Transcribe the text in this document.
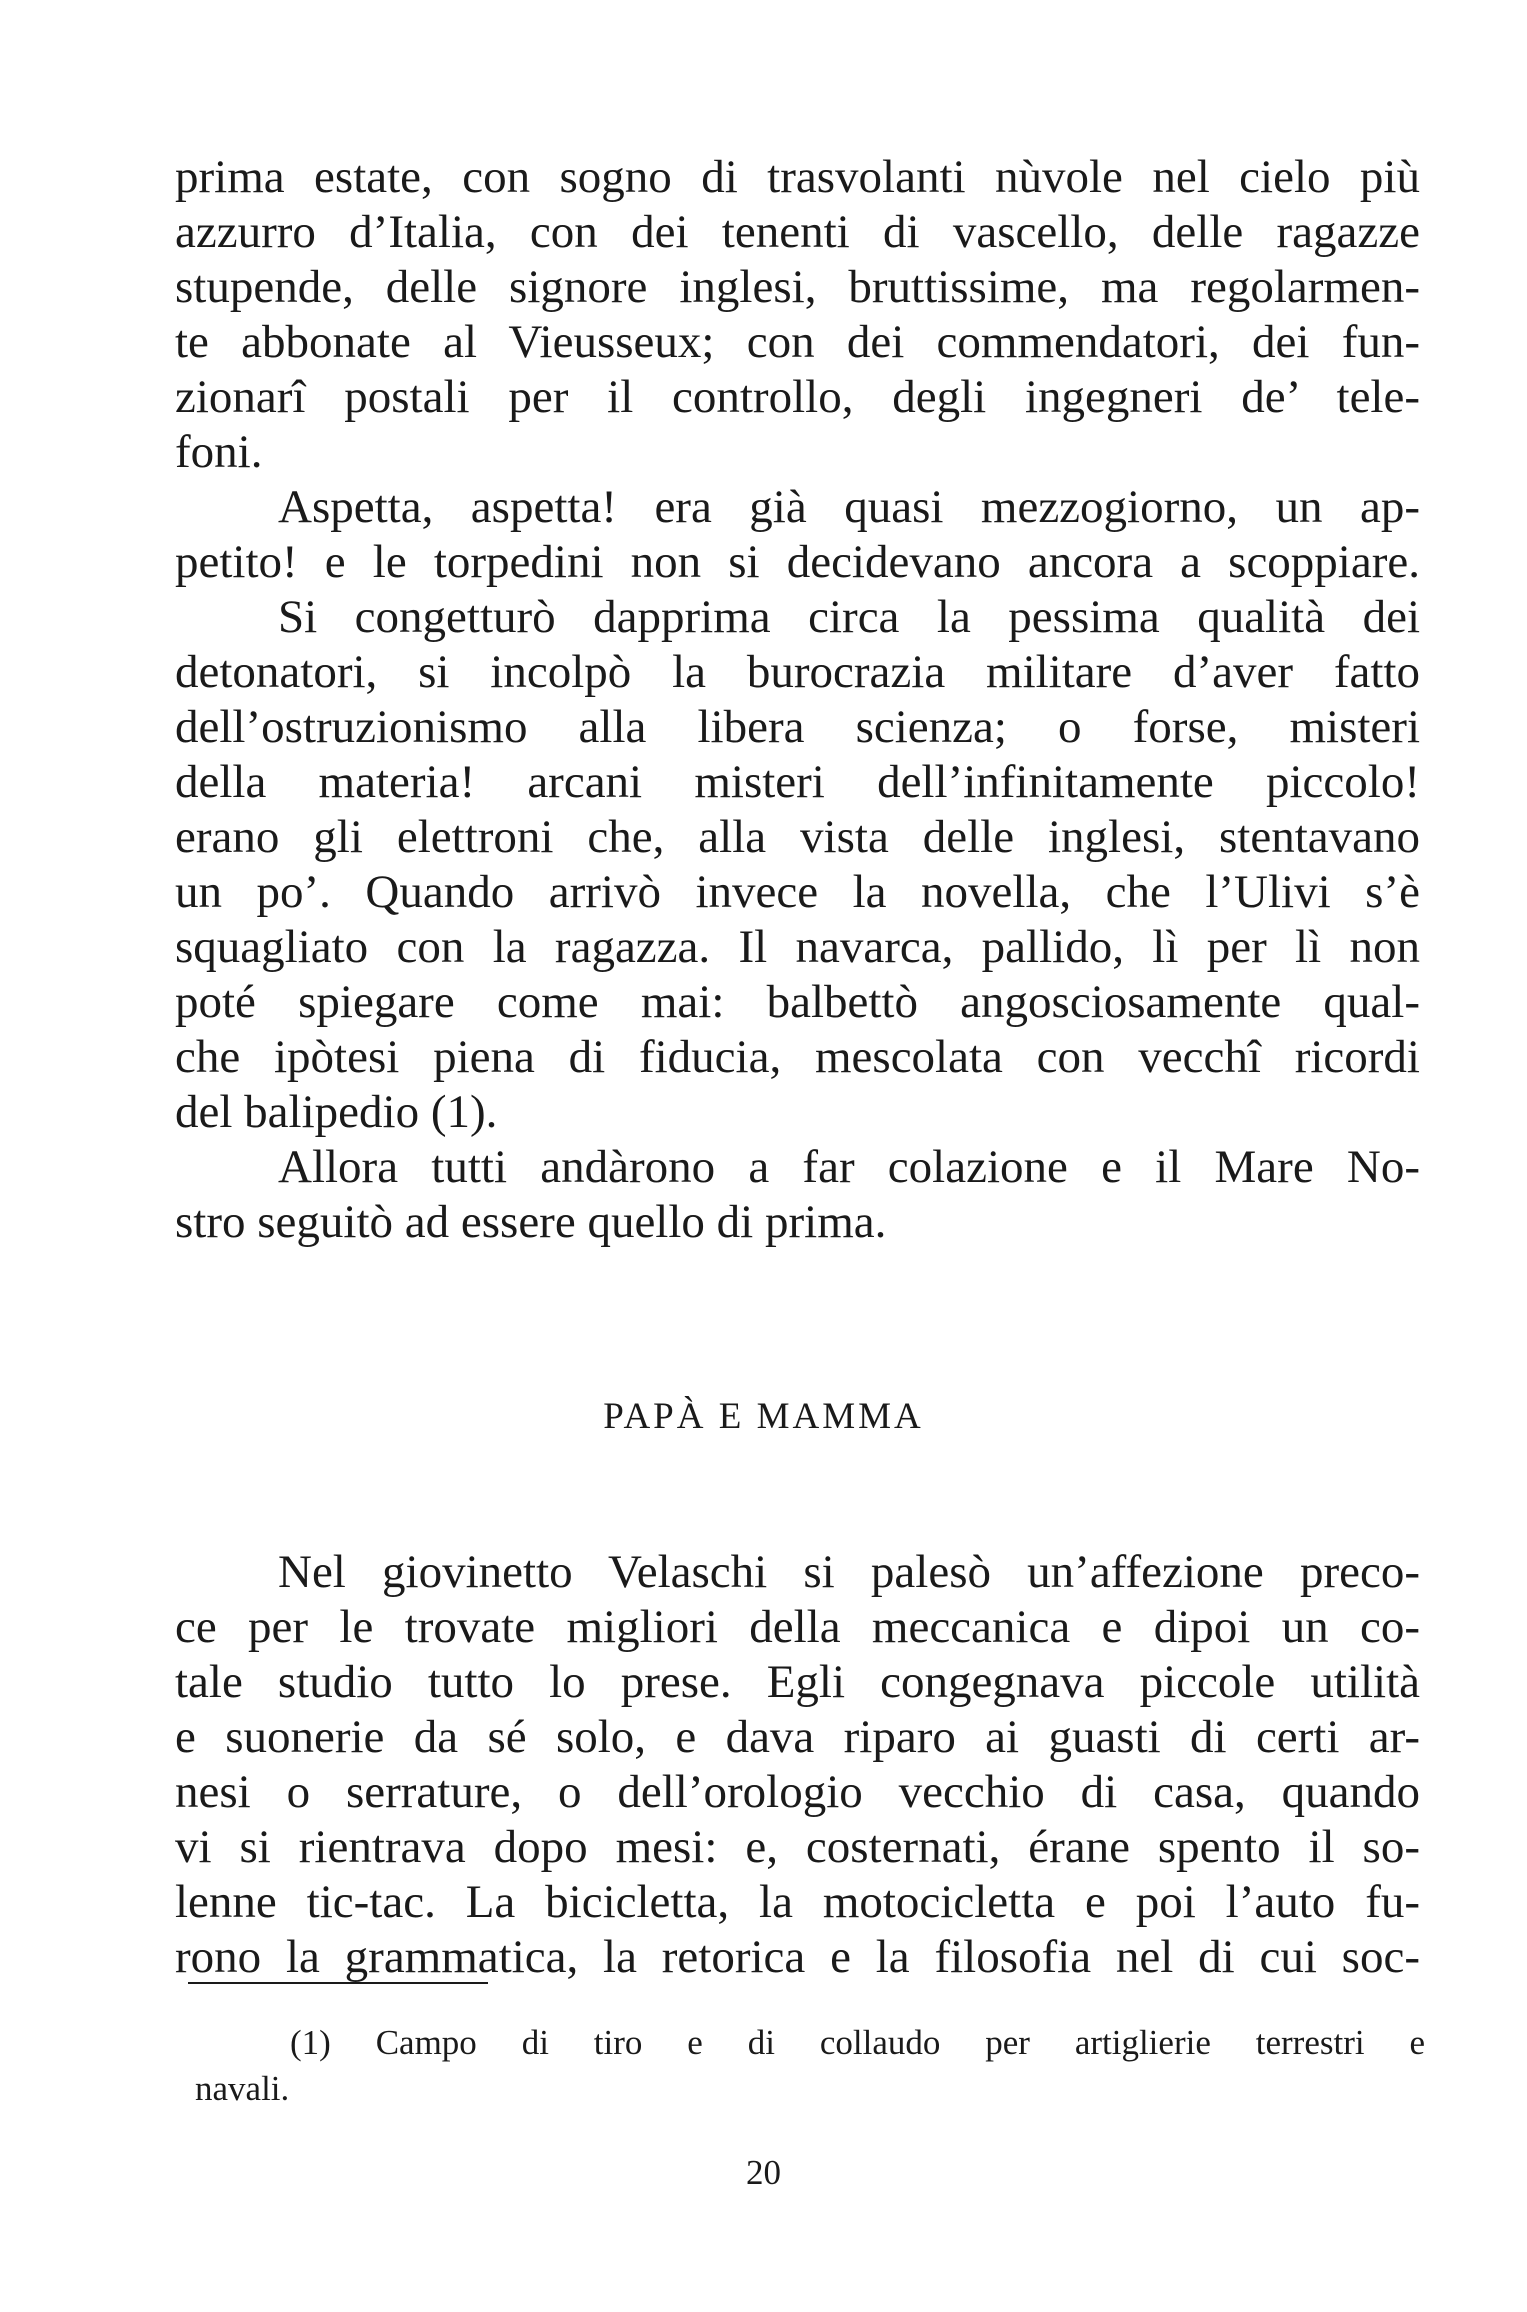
prima estate, con sogno di trasvolanti nùvole nel cielo più
azzurro d’Italia, con dei tenenti di vascello, delle ragazze
stupende, delle signore inglesi, bruttissime, ma regolarmen-
te abbonate al Vieusseux; con dei commendatori, dei fun-
zionarî postali per il controllo, degli ingegneri de’ tele-
foni.
Aspetta, aspetta! era già quasi mezzogiorno, un ap-
petito! e le torpedini non si decidevano ancora a scoppiare.
Si congetturò dapprima circa la pessima qualità dei
detonatori, si incolpò la burocrazia militare d’aver fatto
dell’ostruzionismo alla libera scienza; o forse, misteri
della materia! arcani misteri dell’infinitamente piccolo!
erano gli elettroni che, alla vista delle inglesi, stentavano
un po’. Quando arrivò invece la novella, che l’Ulivi s’è
squagliato con la ragazza. Il navarca, pallido, lì per lì non
poté spiegare come mai: balbettò angosciosamente qual-
che ipòtesi piena di fiducia, mescolata con vecchî ricordi
del balipedio (1).
Allora tutti andàrono a far colazione e il Mare No-
stro seguitò ad essere quello di prima.
PAPÀ E MAMMA
Nel giovinetto Velaschi si palesò un’affezione preco-
ce per le trovate migliori della meccanica e dipoi un co-
tale studio tutto lo prese. Egli congegnava piccole utilità
e suonerie da sé solo, e dava riparo ai guasti di certi ar-
nesi o serrature, o dell’orologio vecchio di casa, quando
vi si rientrava dopo mesi: e, costernati, érane spento il so-
lenne tic-tac. La bicicletta, la motocicletta e poi l’auto fu-
rono la grammatica, la retorica e la filosofia nel di cui soc-
(1) Campo di tiro e di collaudo per artiglierie terrestri e
navali.
20
